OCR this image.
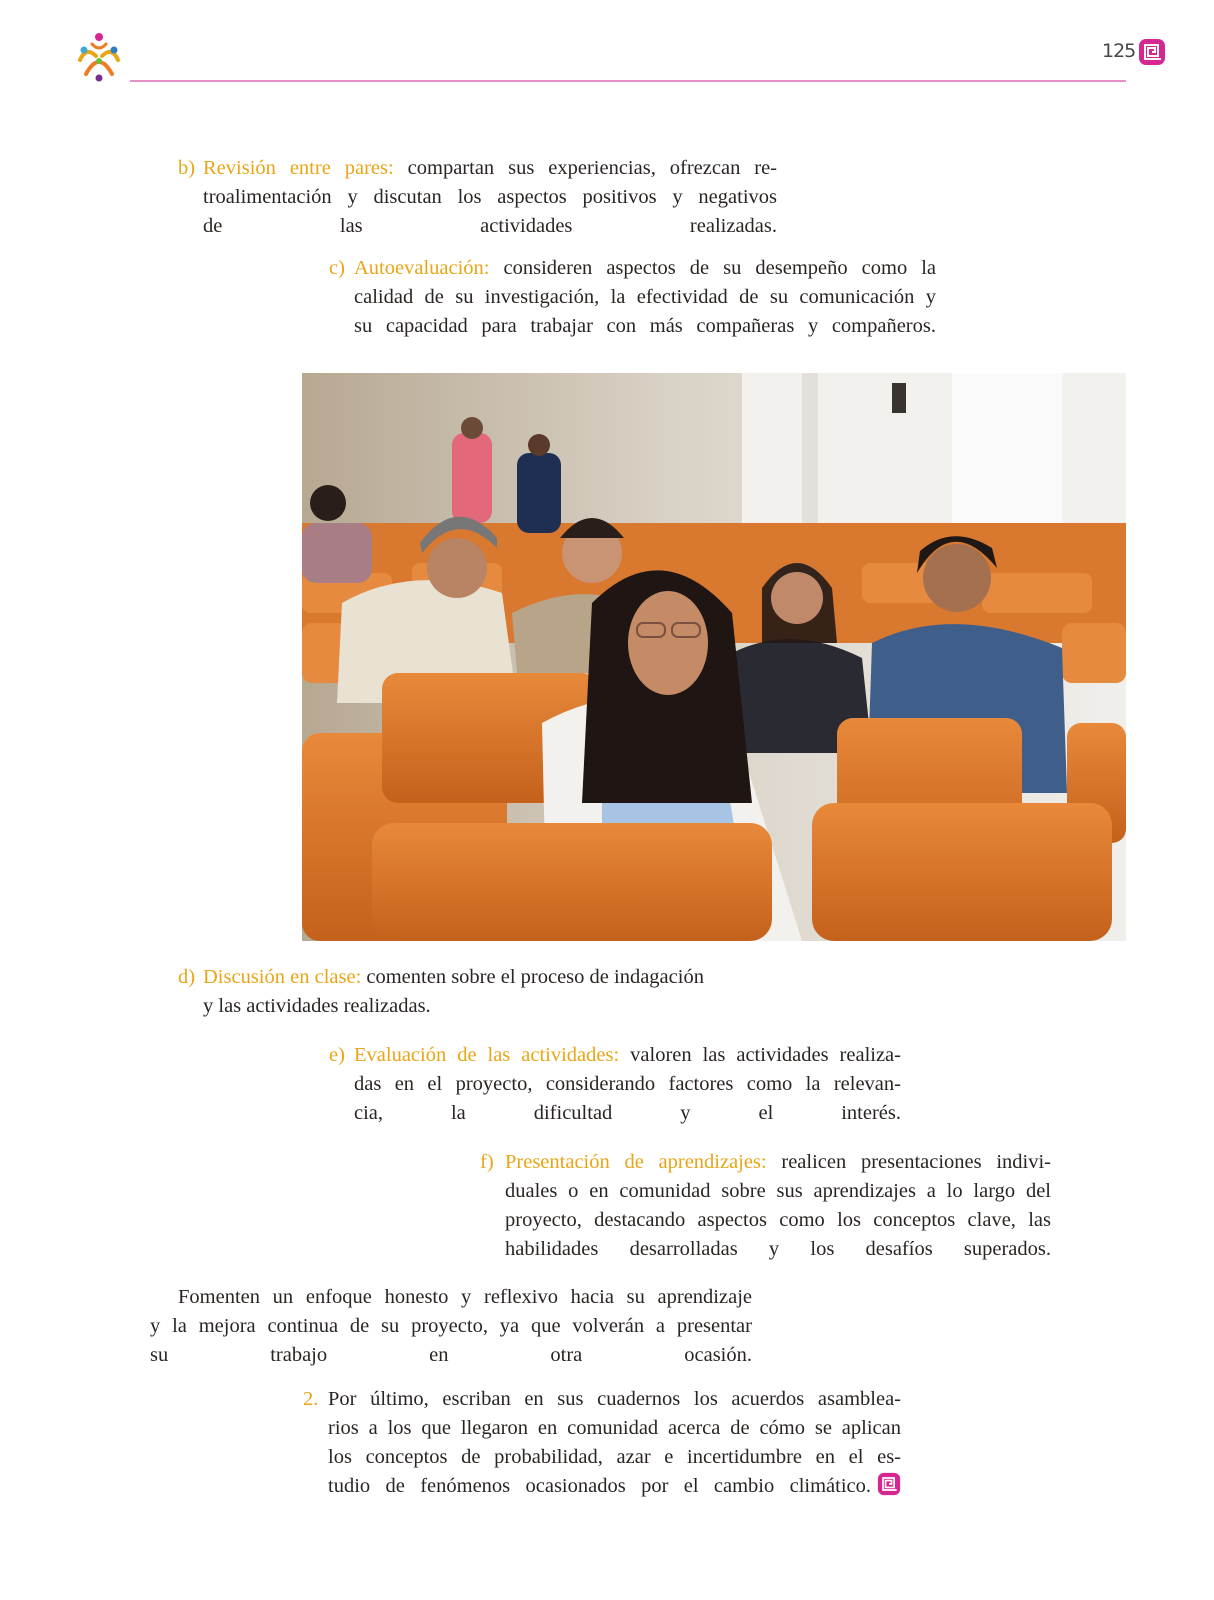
125
b) Revisión entre pares: compartan sus experiencias, ofrezcan re-
troalimentación y discutan los aspectos positivos y negativos
de las actividades realizadas.
c) Autoevaluación: consideren aspectos de su desempeño como la
calidad de su investigación, la efectividad de su comunicación y
su capacidad para trabajar con más compañeras y compañeros.
d) Discusión en clase: comenten sobre el proceso de indagación
y las actividades realizadas.
e) Evaluación de las actividades: valoren las actividades realiza-
das en el proyecto, considerando factores como la relevan-
cia, la dificultad y el interés.
f) Presentación de aprendizajes: realicen presentaciones indivi-
duales o en comunidad sobre sus aprendizajes a lo largo del
proyecto, destacando aspectos como los conceptos clave, las
habilidades desarrolladas y los desafíos superados.
Fomenten un enfoque honesto y reflexivo hacia su aprendizaje
y la mejora continua de su proyecto, ya que volverán a presentar
su trabajo en otra ocasión.
2. Por último, escriban en sus cuadernos los acuerdos asamblea-
rios a los que llegaron en comunidad acerca de cómo se aplican
los conceptos de probabilidad, azar e incertidumbre en el es-
tudio de fenómenos ocasionados por el cambio climático.
